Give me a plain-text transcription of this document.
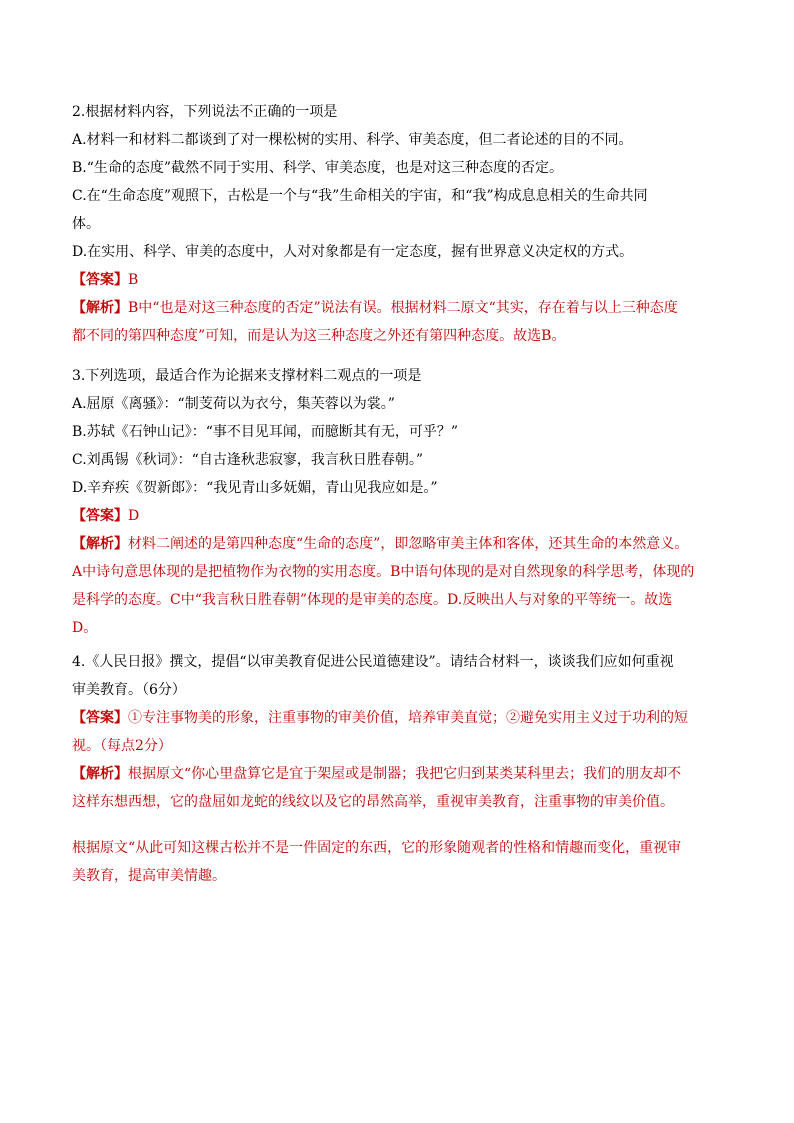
2.根据材料内容，下列说法不正确的一项是

A.材料一和材料二都谈到了对一棵松树的实用、科学、审美态度，但二者论述的目的不同。

B.“生命的态度”截然不同于实用、科学、审美态度，也是对这三种态度的否定。

C.在“生命态度”观照下，古松是一个与“我”生命相关的宇宙，和“我”构成息息相关的生命共同

体。

D.在实用、科学、审美的态度中，人对对象都是有一定态度，握有世界意义决定权的方式。

【答案】B

【解析】B中“也是对这三种态度的否定”说法有误。根据材料二原文“其实，存在着与以上三种态度

都不同的第四种态度”可知，而是认为这三种态度之外还有第四种态度。故选B。

3.下列选项，最适合作为论据来支撑材料二观点的一项是

A.屈原《离骚》：“制芰荷以为衣兮，集芙蓉以为裳。”

B.苏轼《石钟山记》：“事不目见耳闻，而臆断其有无，可乎？”

C.刘禹锡《秋词》：“自古逢秋悲寂寥，我言秋日胜春朝。”

D.辛弃疾《贺新郎》：“我见青山多妩媚，青山见我应如是。”

【答案】D

【解析】材料二阐述的是第四种态度“生命的态度”，即忽略审美主体和客体，还其生命的本然意义。

A中诗句意思体现的是把植物作为衣物的实用态度。B中语句体现的是对自然现象的科学思考，体现的

是科学的态度。C中“我言秋日胜春朝”体现的是审美的态度。D.反映出人与对象的平等统一。故选

D。

4.《人民日报》撰文，提倡“以审美教育促进公民道德建设”。请结合材料一，谈谈我们应如何重视

审美教育。（6分）

【答案】①专注事物美的形象，注重事物的审美价值，培养审美直觉；②避免实用主义过于功利的短

视。（每点2分）

【解析】根据原文“你心里盘算它是宜于架屋或是制器；我把它归到某类某科里去；我们的朋友却不

这样东想西想，它的盘屈如龙蛇的线纹以及它的昂然高举，重视审美教育，注重事物的审美价值。

根据原文“从此可知这棵古松并不是一件固定的东西，它的形象随观者的性格和情趣而变化，重视审

美教育，提高审美情趣。
